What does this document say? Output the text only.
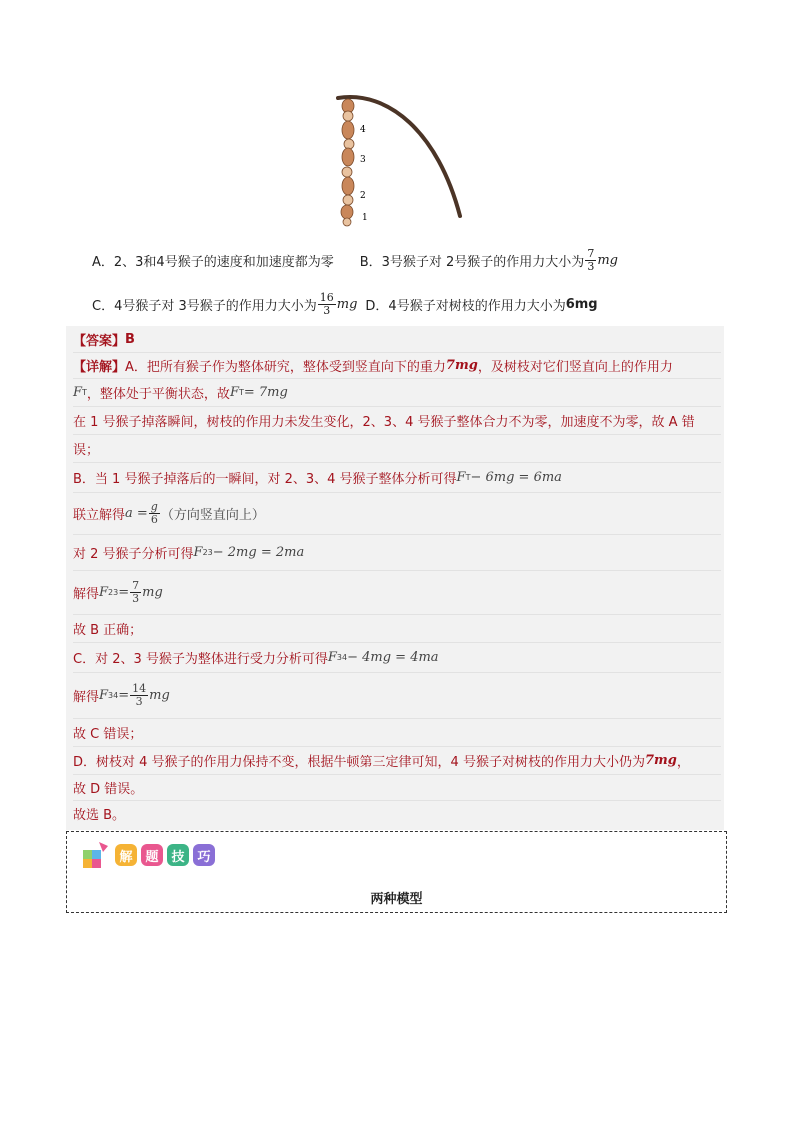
4
3
2
1
A．2、3和4号猴子的速度和加速度都为零 B．3号猴子对 2号猴子的作用力大小为 $\frac{7}{3}$ mg
C．4号猴子对 3号猴子的作用力大小为 $\frac{16}{3}$ mg D．4号猴子对树枝的作用力大小为 6mg
【答案】 B
【详解】 A．把所有猴子作为整体研究，整体受到竖直向下的重力 7mg ，及树枝对它们竖直向上的作用力
F T ，整体处于平衡状态，故 F T = 7mg
在 1 号猴子掉落瞬间，树枝的作用力未发生变化，2、3、4 号猴子整体合力不为零，加速度不为零，故 A 错
误；
B．当 1 号猴子掉落后的一瞬间，对 2、3、4 号猴子整体分析可得 F T − 6mg = 6ma
联立解得 $a = \frac{g}{6}$ （方向竖直向上）
对 2 号猴子分析可得 F 23 − 2mg = 2ma
解得 F $23 = \frac{7}{3}$ mg
故 B 正确；
C．对 2、3 号猴子为整体进行受力分析可得 F 34 − 4mg = 4ma
解得 F $34 = \frac{14}{3}$ mg
故 C 错误；
D．树枝对 4 号猴子的作用力保持不变，根据牛顿第三定律可知，4 号猴子对树枝的作用力大小仍为 7mg ，
故 D 错误。
故选 B。
解 题 技 巧
两种模型
